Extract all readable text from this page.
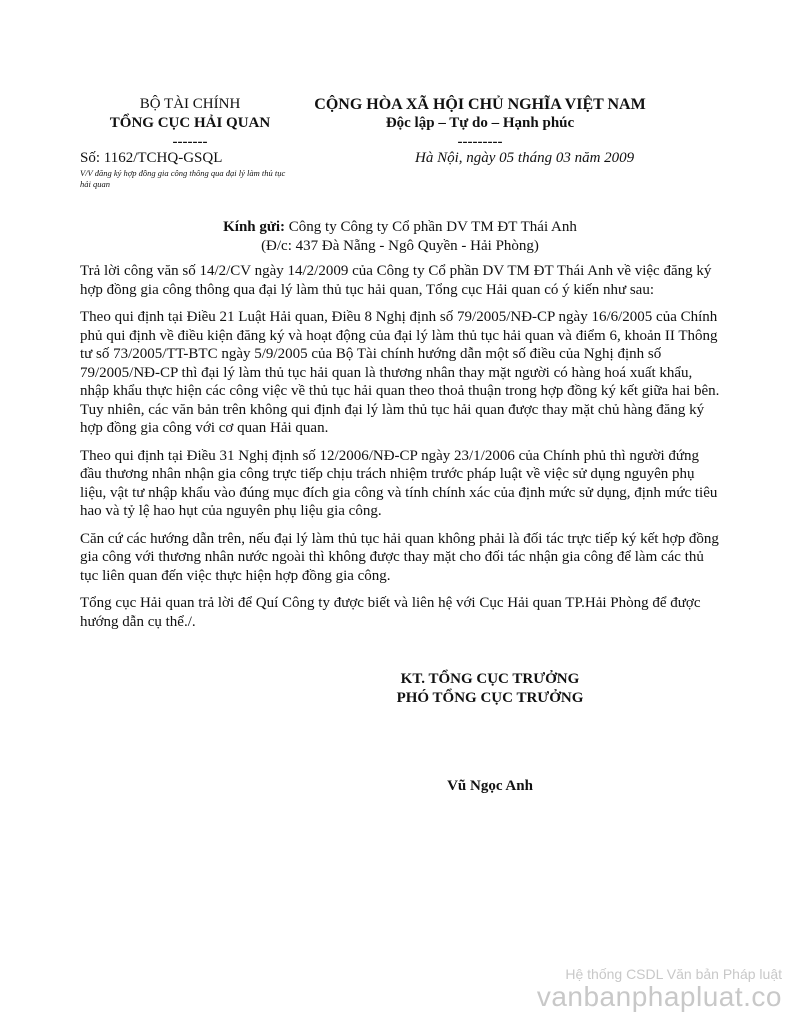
BỘ TÀI CHÍNH
TỔNG CỤC HẢI QUAN
-------
CỘNG HÒA XÃ HỘI CHỦ NGHĨA VIỆT NAM
Độc lập – Tự do – Hạnh phúc
---------
Số: 1162/TCHQ-GSQL
V/V đăng ký hợp đồng gia công thông qua đại lý làm thủ tục hải quan
Hà Nội, ngày 05 tháng 03 năm 2009
Kính gửi: Công ty Công ty Cổ phần DV TM ĐT Thái Anh
(Đ/c: 437 Đà Nẵng - Ngô Quyền - Hải Phòng)

Trả lời công văn số 14/2/CV ngày 14/2/2009 của Công ty Cổ phần DV TM ĐT Thái Anh về việc đăng ký hợp đồng gia công thông qua đại lý làm thủ tục hải quan, Tổng cục Hải quan có ý kiến như sau:

Theo qui định tại Điều 21 Luật Hải quan, Điều 8 Nghị định số 79/2005/NĐ-CP ngày 16/6/2005 của Chính phủ qui định về điều kiện đăng ký và hoạt động của đại lý làm thủ tục hải quan và điểm 6, khoản II Thông tư số 73/2005/TT-BTC ngày 5/9/2005 của Bộ Tài chính hướng dẫn một số điều của Nghị định số 79/2005/NĐ-CP thì đại lý làm thủ tục hải quan là thương nhân thay mặt người có hàng hoá xuất khẩu, nhập khẩu thực hiện các công việc về thủ tục hải quan theo thoả thuận trong hợp đồng ký kết giữa hai bên. Tuy nhiên, các văn bản trên không qui định đại lý làm thủ tục hải quan được thay mặt chủ hàng đăng ký hợp đồng gia công với cơ quan Hải quan.

Theo qui định tại Điều 31 Nghị định số 12/2006/NĐ-CP ngày 23/1/2006 của Chính phủ thì người đứng đầu thương nhân nhận gia công trực tiếp chịu trách nhiệm trước pháp luật về việc sử dụng nguyên phụ liệu, vật tư nhập khẩu vào đúng mục đích gia công và tính chính xác của định mức sử dụng, định mức tiêu hao và tỷ lệ hao hụt của nguyên phụ liệu gia công.

Căn cứ các hướng dẫn trên, nếu đại lý làm thủ tục hải quan không phải là đối tác trực tiếp ký kết hợp đồng gia công với thương nhân nước ngoài thì không được thay mặt cho đối tác nhận gia công để làm các thủ tục liên quan đến việc thực hiện hợp đồng gia công.

Tổng cục Hải quan trả lời để Quí Công ty được biết và liên hệ với Cục Hải quan TP.Hải Phòng để được hướng dẫn cụ thể./.

KT. TỔNG CỤC TRƯỞNG
PHÓ TỔNG CỤC TRƯỞNG
Vũ Ngọc Anh
Hệ thống CSDL Văn bản Pháp luật
vanbanphapluat.co
